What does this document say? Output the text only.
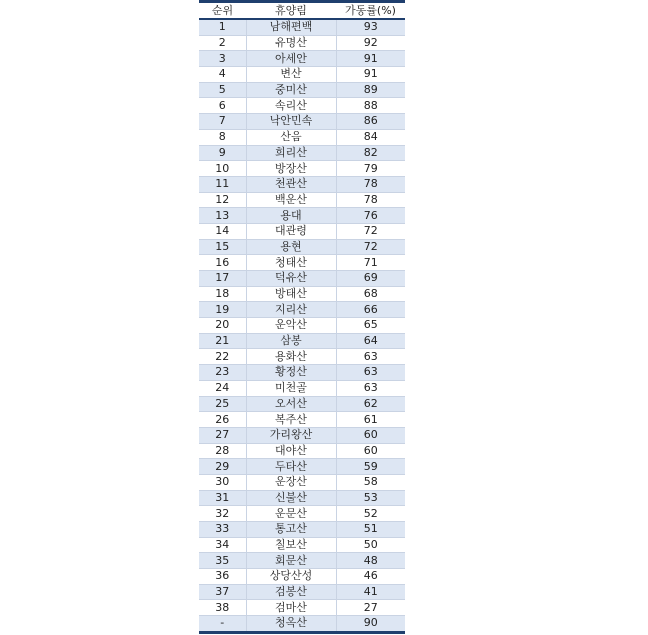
순위	휴양림	가동률(%)
1	남해편백	93
2	유명산	92
3	아세안	91
4	변산	91
5	중미산	89
6	속리산	88
7	낙안민속	86
8	산음	84
9	희리산	82
10	방장산	79
11	천관산	78
12	백운산	78
13	용대	76
14	대관령	72
15	용현	72
16	청태산	71
17	덕유산	69
18	방태산	68
19	지리산	66
20	운악산	65
21	삼봉	64
22	용화산	63
23	황정산	63
24	미천골	63
25	오서산	62
26	복주산	61
27	가리왕산	60
28	대야산	60
29	두타산	59
30	운장산	58
31	신불산	53
32	운문산	52
33	통고산	51
34	칠보산	50
35	회문산	48
36	상당산성	46
37	검봉산	41
38	검마산	27
-	청옥산	90
